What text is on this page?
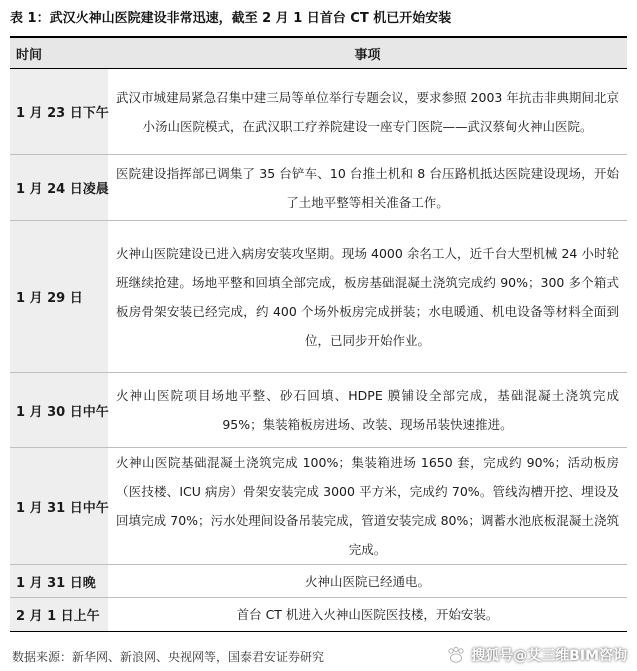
表 1：武汉火神山医院建设非常迅速，截至 2 月 1 日首台 CT 机已开始安装
时间	事项
1 月 23 日下午	武汉市城建局紧急召集中建三局等单位举行专题会议，要求参照 2003 年抗击非典期间北京小汤山医院模式，在武汉职工疗养院建设一座专门医院——武汉蔡甸火神山医院。
1 月 24 日凌晨	医院建设指挥部已调集了 35 台铲车、10 台推土机和 8 台压路机抵达医院建设现场，开始了土地平整等相关准备工作。
1 月 29 日	火神山医院建设已进入病房安装攻坚期。现场 4000 余名工人，近千台大型机械 24 小时轮班继续抢建。场地平整和回填全部完成，板房基础混凝土浇筑完成约 90%；300 多个箱式板房骨架安装已经完成，约 400 个场外板房完成拼装；水电暖通、机电设备等材料全面到位，已同步开始作业。
1 月 30 日中午	火神山医院项目场地平整、砂石回填、HDPE 膜铺设全部完成，基础混凝土浇筑完成 95%；集装箱板房进场、改装、现场吊装快速推进。
1 月 31 日中午	火神山医院基础混凝土浇筑完成 100%；集装箱进场 1650 套，完成约 90%；活动板房（医技楼、ICU 病房）骨架安装完成 3000 平方米，完成约 70%。管线沟槽开挖、埋设及回填完成 70%；污水处理间设备吊装完成，管道安装完成 80%；调蓄水池底板混凝土浇筑完成。
1 月 31 日晚	火神山医院已经通电。
2 月 1 日上午	首台 CT 机进入火神山医院医技楼，开始安装。
数据来源：新华网、新浪网、央视网等，国泰君安证券研究	搜狐号@艾三维BIM咨询
